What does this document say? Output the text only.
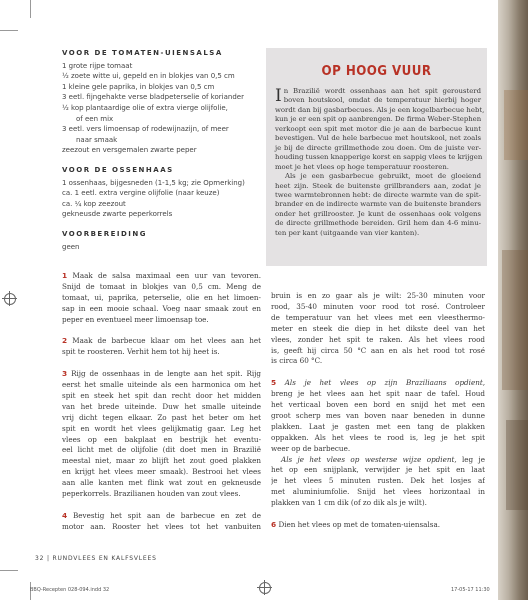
VOOR DE TOMATEN-UIENSALSA
1 grote rijpe tomaat
½ zoete witte ui, gepeld en in blokjes van 0,5 cm
1 kleine gele paprika, in blokjes van 0,5 cm
3 eetl. fijngehakte verse bladpeterselie of koriander
½ kop plantaardige olie of extra vierge olijfolie,
of een mix
3 eetl. vers limoensap of rodewijnazijn, of meer
naar smaak
zeezout en versgemalen zwarte peper
VOOR DE OSSENHAAS
1 ossenhaas, bijgesneden (1-1,5 kg; zie Opmerking)
ca. 1 eetl. extra vergine olijfolie (naar keuze)
ca. ¼ kop zeezout
gekneusde zwarte peperkorrels
VOORBEREIDING
geen
OP HOOG VUUR
I n Brazilië wordt ossenhaas aan het spit gerousterd
boven houtskool, omdat de temperatuur hierbij hoger
wordt dan bij gasbarbecues. Als je een kogelbarbecue hebt,
kun je er een spit op aanbrengen. De firma Weber-Stephen
verkoopt een spit met motor die je aan de barbecue kunt
bevestigen. Vul de hele barbecue met houtskool, net zoals
je bij de directe grillmethode zou doen. Om de juiste ver-
houding tussen knapperige korst en sappig vlees te krijgen
moet je het vlees op hoge temperatuur roosteren.
Als je een gasbarbecue gebruikt, moet de gloeiend
heet zijn. Steek de buitenste grillbranders aan, zodat je
twee warmtebronnen hebt: de directe warmte van de spit-
brander en de indirecte warmte van de buitenste branders
onder het grillrooster. Je kunt de ossenhaas ook volgens
de directe grillmethode bereiden. Gril hem dan 4-6 minu-
ten per kant (uitgaande van vier kanten).
1 Maak de salsa maximaal een uur van tevoren.
Snijd de tomaat in blokjes van 0,5 cm. Meng de
tomaat, ui, paprika, peterselie, olie en het limoen-
sap in een mooie schaal. Voeg naar smaak zout en
peper en eventueel meer limoensap toe.
2 Maak de barbecue klaar om het vlees aan het
spit te roosteren. Verhit hem tot hij heet is.
3 Rijg de ossenhaas in de lengte aan het spit. Rijg
eerst het smalle uiteinde als een harmonica om het
spit en steek het spit dan recht door het midden
van het brede uiteinde. Duw het smalle uiteinde
vrij dicht tegen elkaar. Zo past het beter om het
spit en wordt het vlees gelijkmatig gaar. Leg het
vlees op een bakplaat en bestrijk het eventu-
eel licht met de olijfolie (dit doet men in Brazilië
meestal niet, maar zo blijft het zout goed plakken
en krijgt het vlees meer smaak). Bestrooi het vlees
aan alle kanten met flink wat zout en gekneusde
peperkorrels. Brazilianen houden van zout vlees.
4 Bevestig het spit aan de barbecue en zet de
motor aan. Rooster het vlees tot het vanbuiten
bruin is en zo gaar als je wilt: 25-30 minuten voor
rood, 35-40 minuten voor rood tot rosé. Controleer
de temperatuur van het vlees met een vleesthermo-
meter en steek die diep in het dikste deel van het
vlees, zonder het spit te raken. Als het vlees rood
is, geeft hij circa 50 °C aan en als het rood tot rosé
is circa 60 °C.
5 Als je het vlees op zijn Braziliaans opdient,
breng je het vlees aan het spit naar de tafel. Houd
het verticaal boven een bord en snijd het met een
groot scherp mes van boven naar beneden in dunne
plakken. Laat je gasten met een tang de plakken
oppakken. Als het vlees te rood is, leg je het spit
weer op de barbecue.
Als je het vlees op westerse wijze opdient, leg je
het op een snijplank, verwijder je het spit en laat
je het vlees 5 minuten rusten. Dek het losjes af
met aluminiumfolie. Snijd het vlees horizontaal in
plakken van 1 cm dik (of zo dik als je wilt).
6 Dien het vlees op met de tomaten-uiensalsa.
32 | RUNDVLEES EN KALFSVLEES
BBQ-Recepten 028-094.indd 32	17-05-17 11:30
